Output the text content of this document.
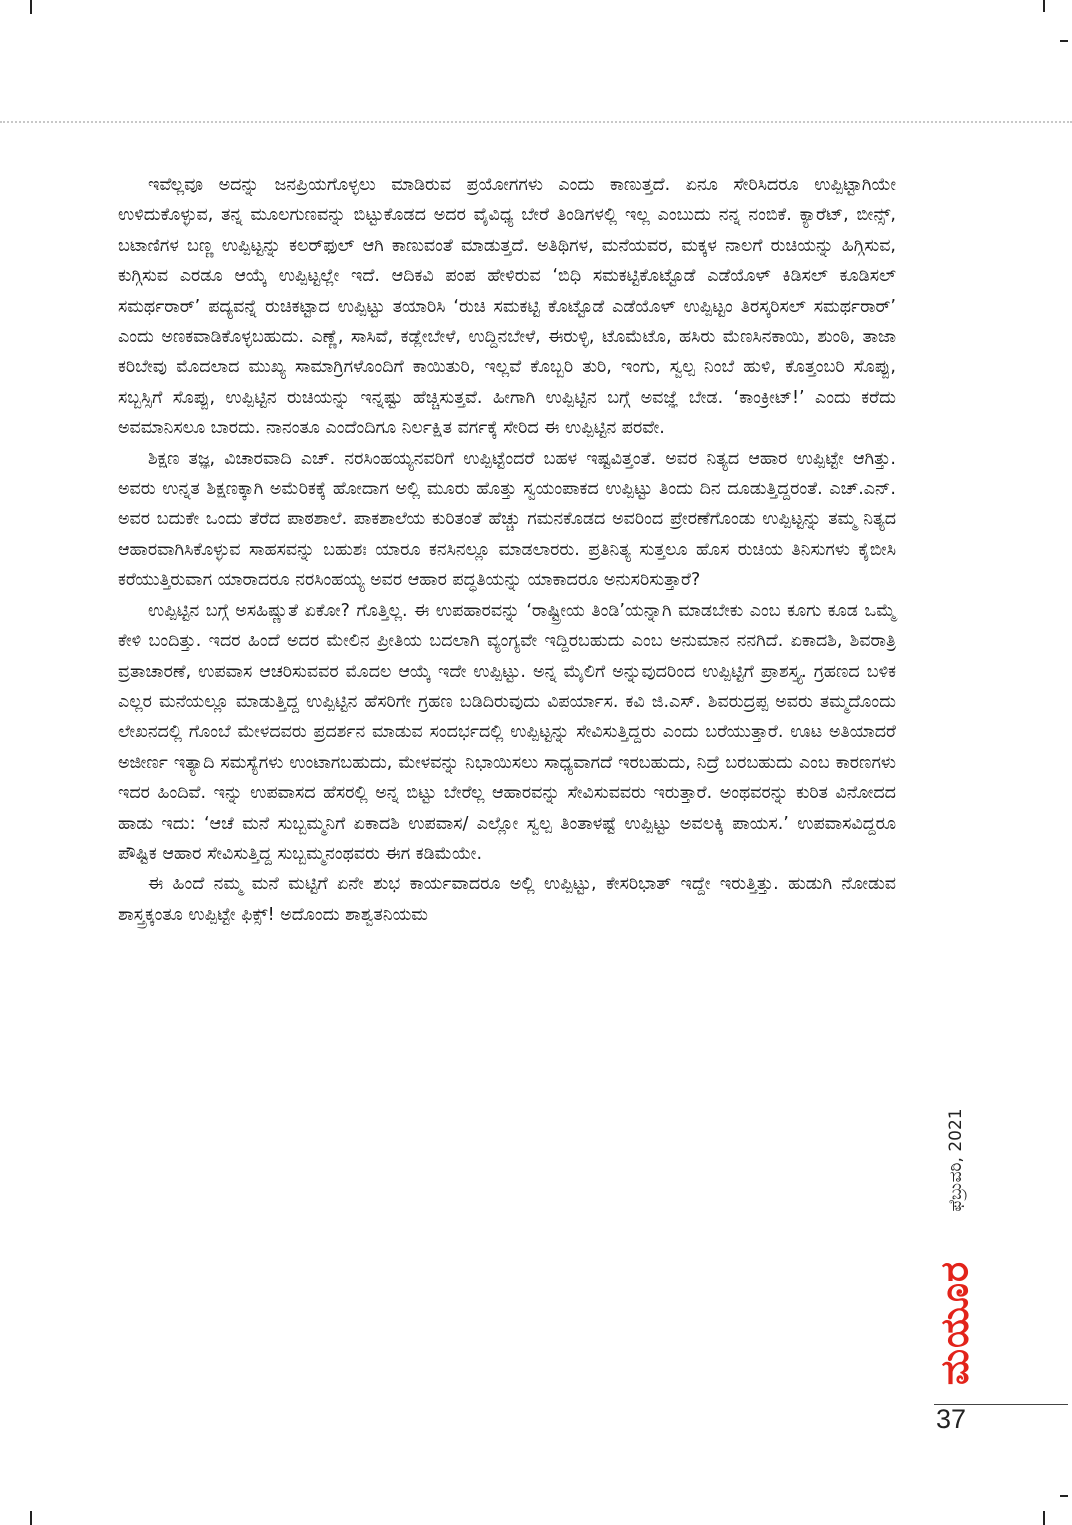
ಇವೆಲ್ಲವೂ ಅದನ್ನು ಜನಪ್ರಿಯಗೊಳ್ಳಲು ಮಾಡಿರುವ ಪ್ರಯೋಗಗಳು ಎಂದು ಕಾಣುತ್ತದೆ. ಏನೂ ಸೇರಿಸಿದರೂ ಉಪ್ಪಿಟ್ಟಾಗಿಯೇ ಉಳಿದುಕೊಳ್ಳುವ, ತನ್ನ ಮೂಲಗುಣವನ್ನು ಬಿಟ್ಟುಕೊಡದ ಅದರ ವೈವಿಧ್ಯ ಬೇರೆ ತಿಂಡಿಗಳಲ್ಲಿ ಇಲ್ಲ ಎಂಬುದು ನನ್ನ ನಂಬಿಕೆ. ಕ್ಯಾರೆಟ್, ಬೀನ್ಸ್, ಬಟಾಣಿಗಳ ಬಣ್ಣ ಉಪ್ಪಿಟ್ಟನ್ನು ಕಲರ್‌ಫುಲ್ ಆಗಿ ಕಾಣುವಂತೆ ಮಾಡುತ್ತದೆ. ಅತಿಥಿಗಳ, ಮನೆಯವರ, ಮಕ್ಕಳ ನಾಲಗೆ ರುಚಿಯನ್ನು ಹಿಗ್ಗಿಸುವ, ಕುಗ್ಗಿಸುವ ಎರಡೂ ಆಯ್ಕೆ ಉಪ್ಪಿಟ್ಟಲ್ಲೇ ಇದೆ. ಆದಿಕವಿ ಪಂಪ ಹೇಳಿರುವ ‘ಬಿಧಿ ಸಮಕಟ್ಟಿಕೊಟ್ಟೊಡೆ ಎಡೆಯೊಳ್ ಕಿಡಿಸಲ್ ಕೂಡಿಸಲ್ ಸಮರ್ಥರಾರ್’ ಪದ್ಯವನ್ನೆ ರುಚಿಕಟ್ಟಾದ ಉಪ್ಪಿಟ್ಟು ತಯಾರಿಸಿ ‘ರುಚಿ ಸಮಕಟ್ಟಿ ಕೊಟ್ಟೊಡೆ ಎಡೆಯೊಳ್ ಉಪ್ಪಿಟ್ಟಂ ತಿರಸ್ಕರಿಸಲ್ ಸಮರ್ಥರಾರ್’ ಎಂದು ಅಣಕವಾಡಿಕೊಳ್ಳಬಹುದು. ಎಣ್ಣೆ, ಸಾಸಿವೆ, ಕಡ್ಲೇಬೇಳೆ, ಉದ್ದಿನಬೇಳೆ, ಈರುಳ್ಳಿ, ಟೊಮೆಟೊ, ಹಸಿರು ಮೆಣಸಿನಕಾಯಿ, ಶುಂಠಿ, ತಾಜಾ ಕರಿಬೇವು ಮೊದಲಾದ ಮುಖ್ಯ ಸಾಮಾಗ್ರಿಗಳೊಂದಿಗೆ ಕಾಯಿತುರಿ, ಇಲ್ಲವೆ ಕೊಬ್ಬರಿ ತುರಿ, ಇಂಗು, ಸ್ವಲ್ಪ ನಿಂಬೆ ಹುಳಿ, ಕೊತ್ತಂಬರಿ ಸೊಪ್ಪು, ಸಬ್ಬಸ್ಸಿಗೆ ಸೊಪ್ಪು, ಉಪ್ಪಿಟ್ಟಿನ ರುಚಿಯನ್ನು ಇನ್ನಷ್ಟು ಹೆಚ್ಚಿಸುತ್ತವೆ. ಹೀಗಾಗಿ ಉಪ್ಪಿಟ್ಟಿನ ಬಗ್ಗೆ ಅವಜ್ಞೆ ಬೇಡ. ‘ಕಾಂಕ್ರೀಟ್!’ ಎಂದು ಕರೆದು ಅವಮಾನಿಸಲೂ ಬಾರದು. ನಾನಂತೂ ಎಂದೆಂದಿಗೂ ನಿರ್ಲಕ್ಷಿತ ವರ್ಗಕ್ಕೆ ಸೇರಿದ ಈ ಉಪ್ಪಿಟ್ಟಿನ ಪರವೇ.

ಶಿಕ್ಷಣ ತಜ್ಞ, ವಿಚಾರವಾದಿ ಎಚ್. ನರಸಿಂಹಯ್ಯನವರಿಗೆ ಉಪ್ಪಿಟ್ಟೆಂದರೆ ಬಹಳ ಇಷ್ಟವಿತ್ತಂತೆ. ಅವರ ನಿತ್ಯದ ಆಹಾರ ಉಪ್ಪಿಟ್ಟೇ ಆಗಿತ್ತು. ಅವರು ಉನ್ನತ ಶಿಕ್ಷಣಕ್ಕಾಗಿ ಅಮೆರಿಕಕ್ಕೆ ಹೋದಾಗ ಅಲ್ಲಿ ಮೂರು ಹೊತ್ತು ಸ್ವಯಂಪಾಕದ ಉಪ್ಪಿಟ್ಟು ತಿಂದು ದಿನ ದೂಡುತ್ತಿದ್ದರಂತೆ. ಎಚ್.ಎನ್. ಅವರ ಬದುಕೇ ಒಂದು ತೆರೆದ ಪಾಠಶಾಲೆ. ಪಾಕಶಾಲೆಯ ಕುರಿತಂತೆ ಹೆಚ್ಚು ಗಮನಕೊಡದ ಅವರಿಂದ ಪ್ರೇರಣೆಗೊಂಡು ಉಪ್ಪಿಟ್ಟನ್ನು ತಮ್ಮ ನಿತ್ಯದ ಆಹಾರವಾಗಿಸಿಕೊಳ್ಳುವ ಸಾಹಸವನ್ನು ಬಹುಶಃ ಯಾರೂ ಕನಸಿನಲ್ಲೂ ಮಾಡಲಾರರು. ಪ್ರತಿನಿತ್ಯ ಸುತ್ತಲೂ ಹೊಸ ರುಚಿಯ ತಿನಿಸುಗಳು ಕೈಬೀಸಿ ಕರೆಯುತ್ತಿರುವಾಗ ಯಾರಾದರೂ ನರಸಿಂಹಯ್ಯ ಅವರ ಆಹಾರ ಪದ್ಧತಿಯನ್ನು ಯಾಕಾದರೂ ಅನುಸರಿಸುತ್ತಾರೆ?

ಉಪ್ಪಿಟ್ಟಿನ ಬಗ್ಗೆ ಅಸಹಿಷ್ಣುತೆ ಏಕೋ? ಗೊತ್ತಿಲ್ಲ. ಈ ಉಪಹಾರವನ್ನು ‘ರಾಷ್ಟ್ರೀಯ ತಿಂಡಿ’ಯನ್ನಾಗಿ ಮಾಡಬೇಕು ಎಂಬ ಕೂಗು ಕೂಡ ಒಮ್ಮೆ ಕೇಳಿ ಬಂದಿತ್ತು. ಇದರ ಹಿಂದೆ ಅದರ ಮೇಲಿನ ಪ್ರೀತಿಯ ಬದಲಾಗಿ ವ್ಯಂಗ್ಯವೇ ಇದ್ದಿರಬಹುದು ಎಂಬ ಅನುಮಾನ ನನಗಿದೆ. ಏಕಾದಶಿ, ಶಿವರಾತ್ರಿ ವ್ರತಾಚಾರಣೆ, ಉಪವಾಸ ಆಚರಿಸುವವರ ಮೊದಲ ಆಯ್ಕೆ ಇದೇ ಉಪ್ಪಿಟ್ಟು. ಅನ್ನ ಮೈಲಿಗೆ ಅನ್ನುವುದರಿಂದ ಉಪ್ಪಿಟ್ಟಿಗೆ ಪ್ರಾಶಸ್ತ್ಯ. ಗ್ರಹಣದ ಬಳಿಕ ಎಲ್ಲರ ಮನೆಯಲ್ಲೂ ಮಾಡುತ್ತಿದ್ದ ಉಪ್ಪಿಟ್ಟಿನ ಹೆಸರಿಗೇ ಗ್ರಹಣ ಬಡಿದಿರುವುದು ವಿಪರ್ಯಾಸ. ಕವಿ ಜಿ.ಎಸ್. ಶಿವರುದ್ರಪ್ಪ ಅವರು ತಮ್ಮದೊಂದು ಲೇಖನದಲ್ಲಿ ಗೊಂಬೆ ಮೇಳದವರು ಪ್ರದರ್ಶನ ಮಾಡುವ ಸಂದರ್ಭದಲ್ಲಿ ಉಪ್ಪಿಟ್ಟನ್ನು ಸೇವಿಸುತ್ತಿದ್ದರು ಎಂದು ಬರೆಯುತ್ತಾರೆ. ಊಟ ಅತಿಯಾದರೆ ಅಜೀರ್ಣ ಇತ್ಯಾದಿ ಸಮಸ್ಯೆಗಳು ಉಂಟಾಗಬಹುದು, ಮೇಳವನ್ನು ನಿಭಾಯಿಸಲು ಸಾಧ್ಯವಾಗದೆ ಇರಬಹುದು, ನಿದ್ರೆ ಬರಬಹುದು ಎಂಬ ಕಾರಣಗಳು ಇದರ ಹಿಂದಿವೆ. ಇನ್ನು ಉಪವಾಸದ ಹೆಸರಲ್ಲಿ ಅನ್ನ ಬಿಟ್ಟು ಬೇರೆಲ್ಲ ಆಹಾರವನ್ನು ಸೇವಿಸುವವರು ಇರುತ್ತಾರೆ. ಅಂಥವರನ್ನು ಕುರಿತ ವಿನೋದದ ಹಾಡು ಇದು: ‘ಆಚೆ ಮನೆ ಸುಬ್ಬಮ್ಮನಿಗೆ ಏಕಾದಶಿ ಉಪವಾಸ/ ಎಲ್ಲೋ ಸ್ವಲ್ಪ ತಿಂತಾಳಷ್ಟೆ ಉಪ್ಪಿಟ್ಟು ಅವಲಕ್ಕಿ ಪಾಯಸ.’ ಉಪವಾಸವಿದ್ದರೂ ಪೌಷ್ಟಿಕ ಆಹಾರ ಸೇವಿಸುತ್ತಿದ್ದ ಸುಬ್ಬಮ್ಮನಂಥವರು ಈಗ ಕಡಿಮೆಯೇ.

ಈ ಹಿಂದೆ ನಮ್ಮ ಮನೆ ಮಟ್ಟಿಗೆ ಏನೇ ಶುಭ ಕಾರ್ಯವಾದರೂ ಅಲ್ಲಿ ಉಪ್ಪಿಟ್ಟು, ಕೇಸರಿಭಾತ್ ಇದ್ದೇ ಇರುತ್ತಿತ್ತು. ಹುಡುಗಿ ನೋಡುವ ಶಾಸ್ತ್ರಕ್ಕಂತೂ ಉಪ್ಪಿಟ್ಟೇ ಫಿಕ್ಸ್! ಅದೊಂದು ಶಾಶ್ವತನಿಯಮ

ಫೆಬ್ರುವರಿ, 2021
ಮಯೂರ
37
